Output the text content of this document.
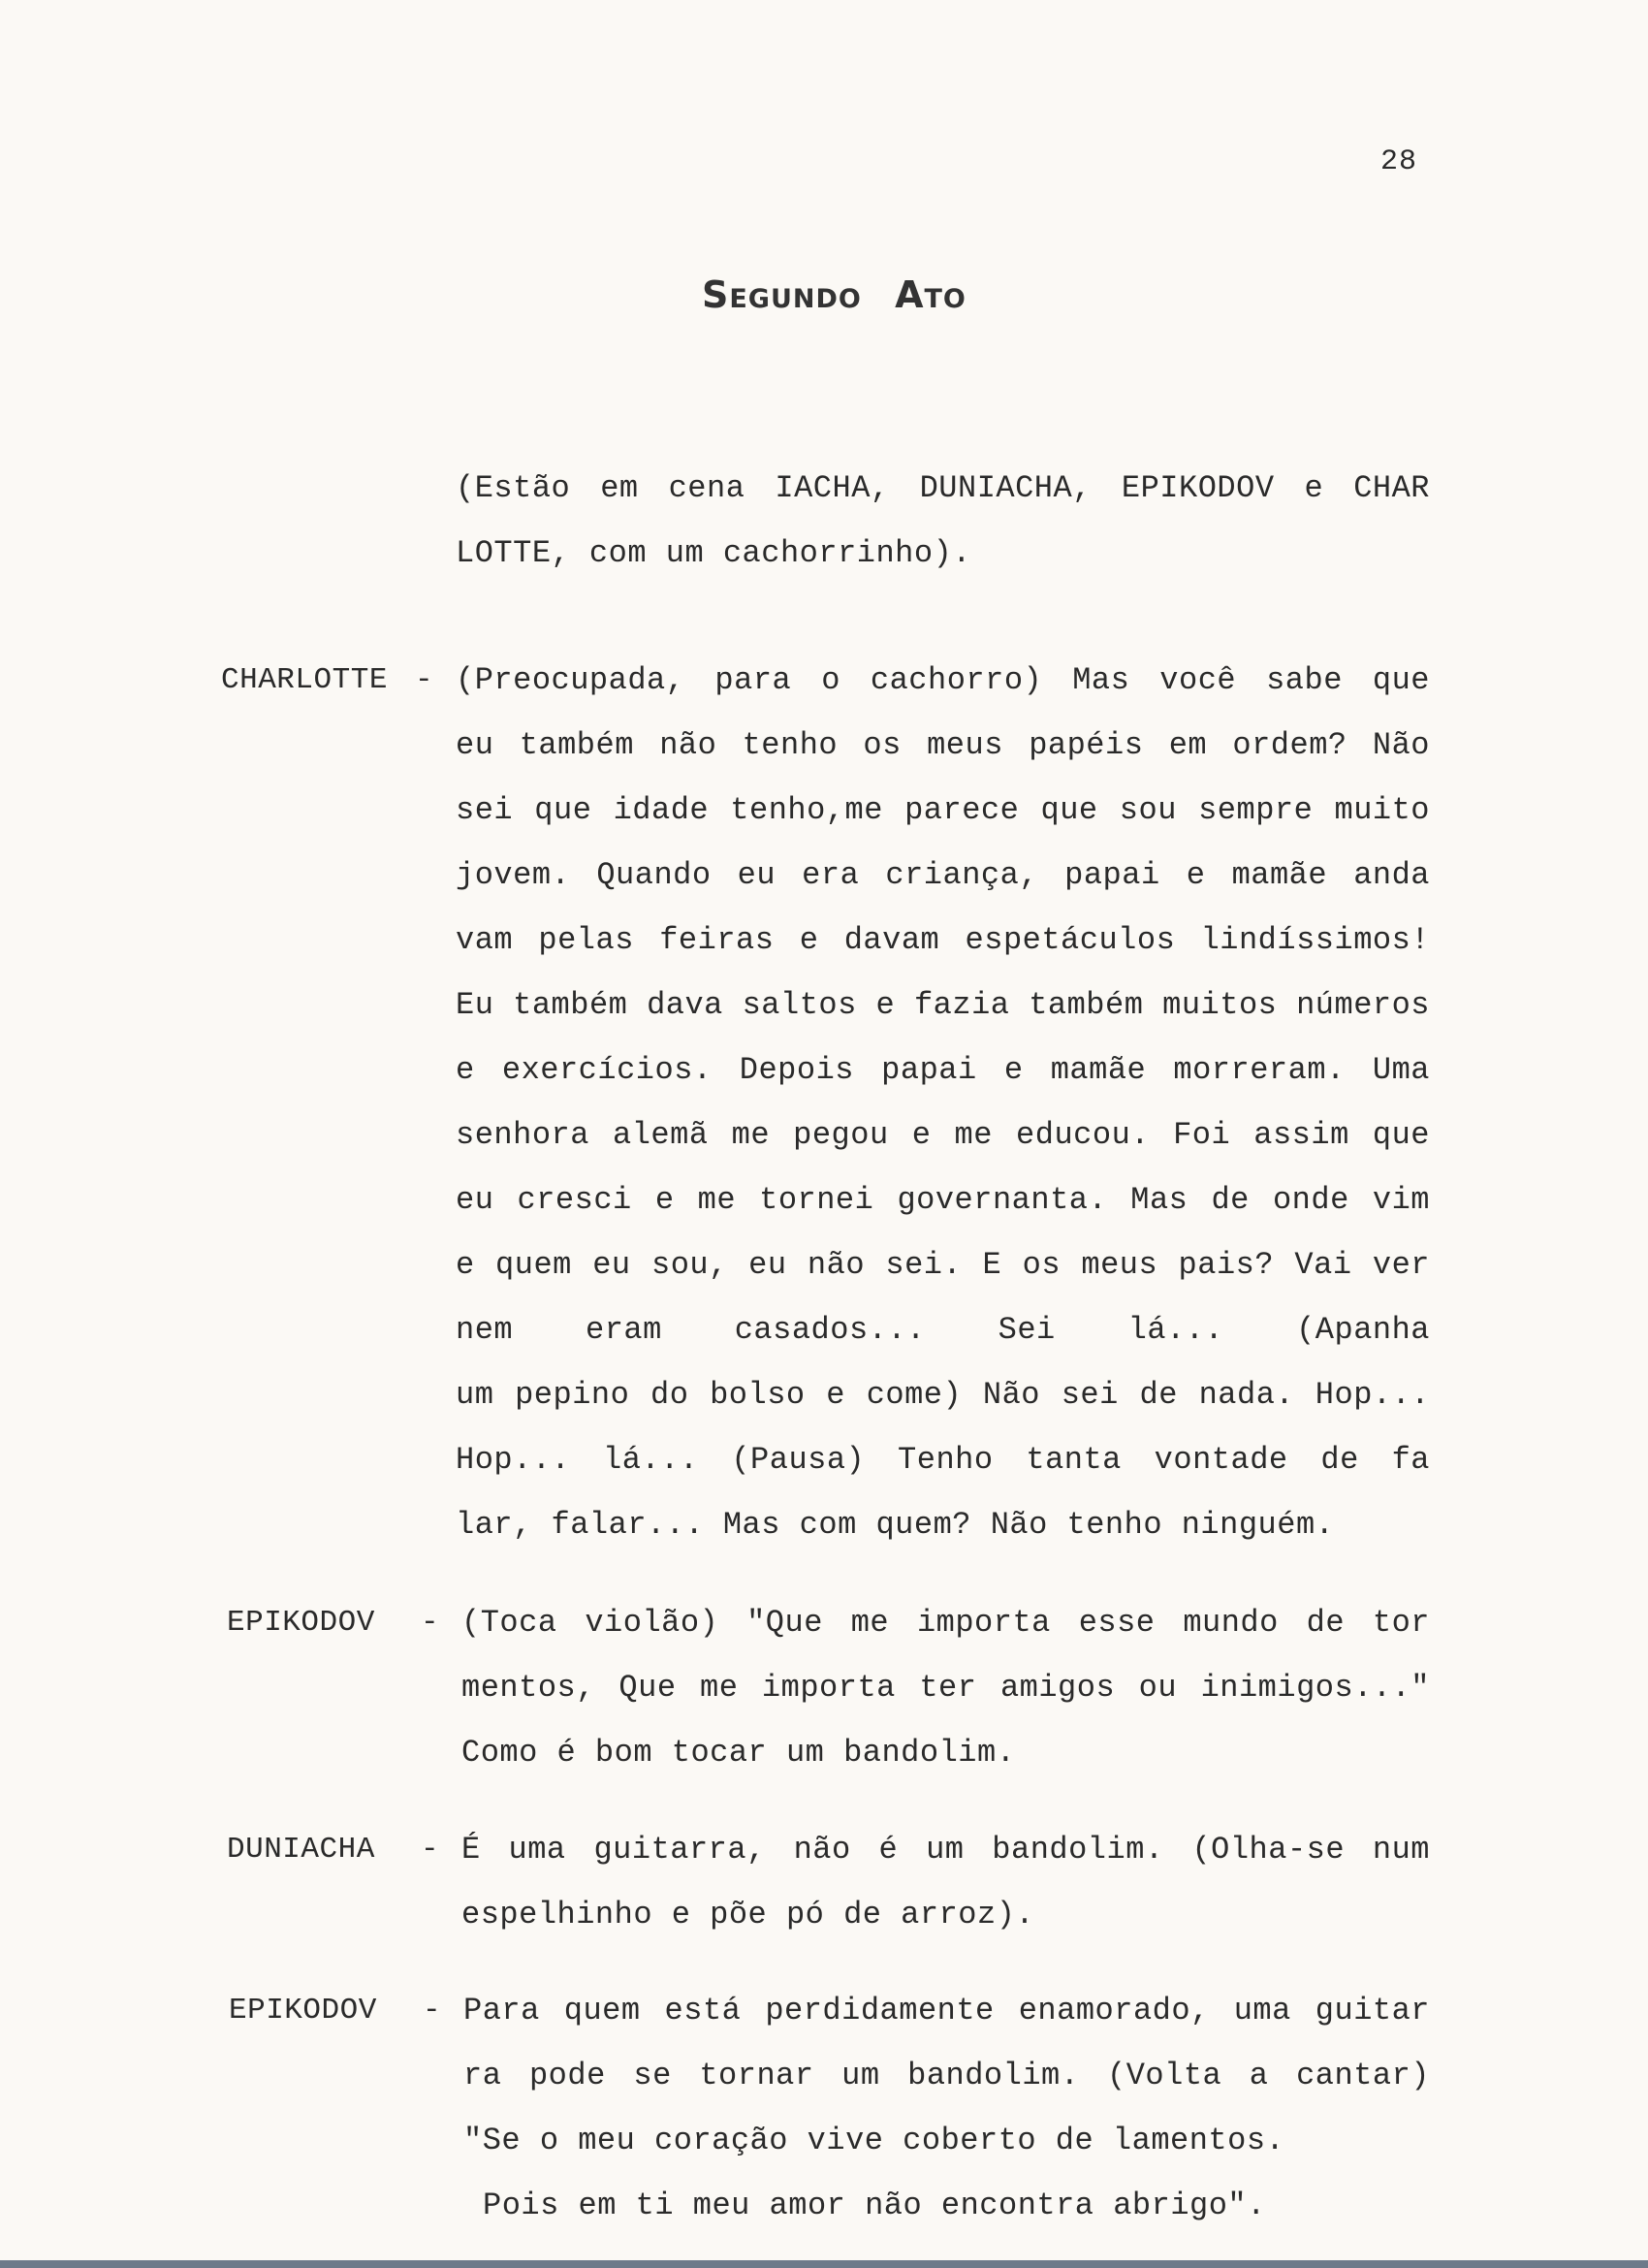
28
Segundo Ato
(Estão em cena IACHA, DUNIACHA, EPIKODOV e CHAR
LOTTE, com um cachorrinho).
CHARLOTTE - (Preocupada, para o cachorro) Mas você sabe que
eu também não tenho os meus papéis em ordem? Não
sei que idade tenho,me parece que sou sempre muito
jovem. Quando eu era criança, papai e mamãe anda
vam pelas feiras e davam espetáculos lindíssimos!
Eu também dava saltos e fazia também muitos números
e exercícios. Depois papai e mamãe morreram. Uma
senhora alemã me pegou e me educou. Foi assim que
eu cresci e me tornei governanta. Mas de onde vim
e quem eu sou, eu não sei. E os meus pais? Vai ver
nem eram casados... Sei lá... (Apanha
um pepino do bolso e come) Não sei de nada. Hop...
Hop... lá... (Pausa) Tenho tanta vontade de fa
lar, falar... Mas com quem? Não tenho ninguém.
EPIKODOV - (Toca violão) "Que me importa esse mundo de tor
mentos, Que me importa ter amigos ou inimigos..."
Como é bom tocar um bandolim.
DUNIACHA - É uma guitarra, não é um bandolim. (Olha-se num
espelhinho e põe pó de arroz).
EPIKODOV - Para quem está perdidamente enamorado, uma guitar
ra pode se tornar um bandolim. (Volta a cantar)
"Se o meu coração vive coberto de lamentos.
Pois em ti meu amor não encontra abrigo".
